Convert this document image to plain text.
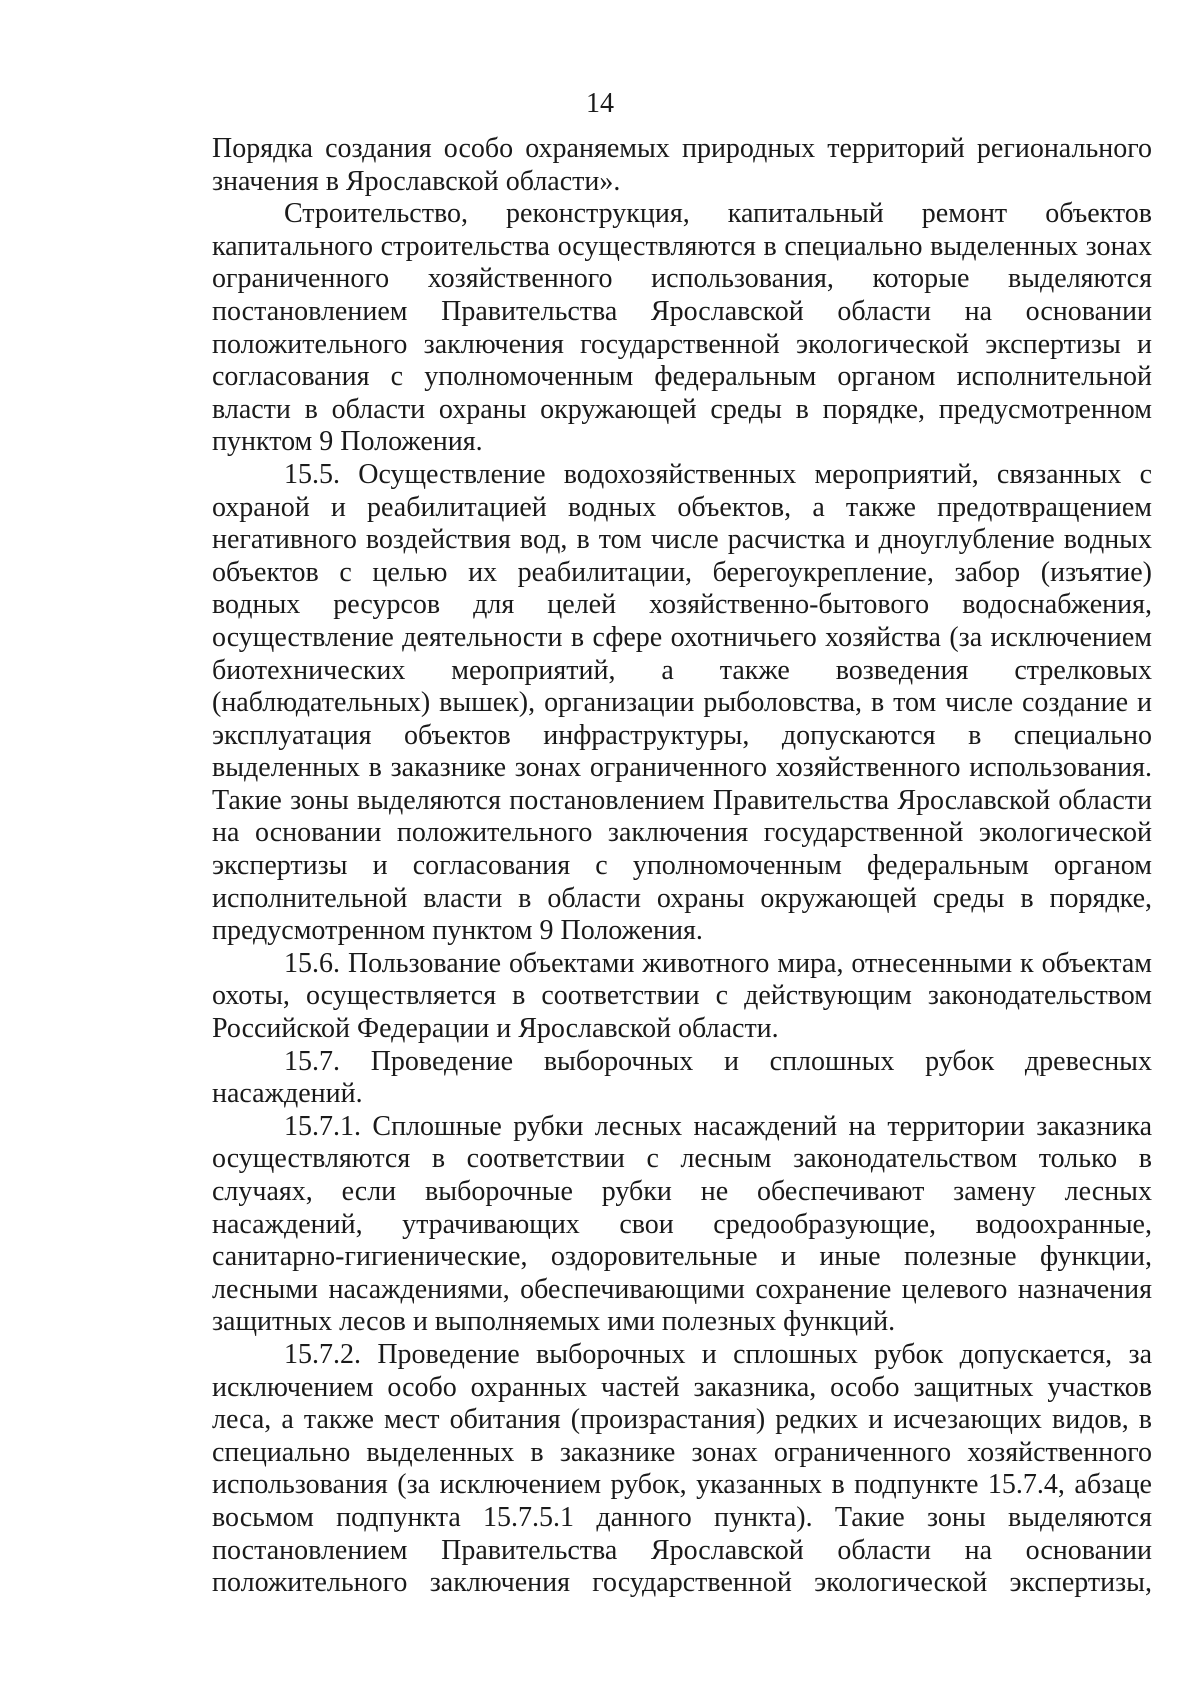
14

Порядка создания особо охраняемых природных территорий регионального значения в Ярославской области».

Строительство, реконструкция, капитальный ремонт объектов капитального строительства осуществляются в специально выделенных зонах ограниченного хозяйственного использования, которые выделяются постановлением Правительства Ярославской области на основании положительного заключения государственной экологической экспертизы и согласования с уполномоченным федеральным органом исполнительной власти в области охраны окружающей среды в порядке, предусмотренном пунктом 9 Положения.

15.5. Осуществление водохозяйственных мероприятий, связанных с охраной и реабилитацией водных объектов, а также предотвращением негативного воздействия вод, в том числе расчистка и дноуглубление водных объектов с целью их реабилитации, берегоукрепление, забор (изъятие) водных ресурсов для целей хозяйственно-бытового водоснабжения, осуществление деятельности в сфере охотничьего хозяйства (за исключением биотехнических мероприятий, а также возведения стрелковых (наблюдательных) вышек), организации рыболовства, в том числе создание и эксплуатация объектов инфраструктуры, допускаются в специально выделенных в заказнике зонах ограниченного хозяйственного использования. Такие зоны выделяются постановлением Правительства Ярославской области на основании положительного заключения государственной экологической экспертизы и согласования с уполномоченным федеральным органом исполнительной власти в области охраны окружающей среды в порядке, предусмотренном пунктом 9 Положения.

15.6. Пользование объектами животного мира, отнесенными к объектам охоты, осуществляется в соответствии с действующим законодательством Российской Федерации и Ярославской области.

15.7. Проведение выборочных и сплошных рубок древесных насаждений.

15.7.1. Сплошные рубки лесных насаждений на территории заказника осуществляются в соответствии с лесным законодательством только в случаях, если выборочные рубки не обеспечивают замену лесных насаждений, утрачивающих свои средообразующие, водоохранные, санитарно-гигиенические, оздоровительные и иные полезные функции, лесными насаждениями, обеспечивающими сохранение целевого назначения защитных лесов и выполняемых ими полезных функций.

15.7.2. Проведение выборочных и сплошных рубок допускается, за исключением особо охранных частей заказника, особо защитных участков леса, а также мест обитания (произрастания) редких и исчезающих видов, в специально выделенных в заказнике зонах ограниченного хозяйственного использования (за исключением рубок, указанных в подпункте 15.7.4, абзаце восьмом подпункта 15.7.5.1 данного пункта). Такие зоны выделяются постановлением Правительства Ярославской области на основании положительного заключения государственной экологической экспертизы,
